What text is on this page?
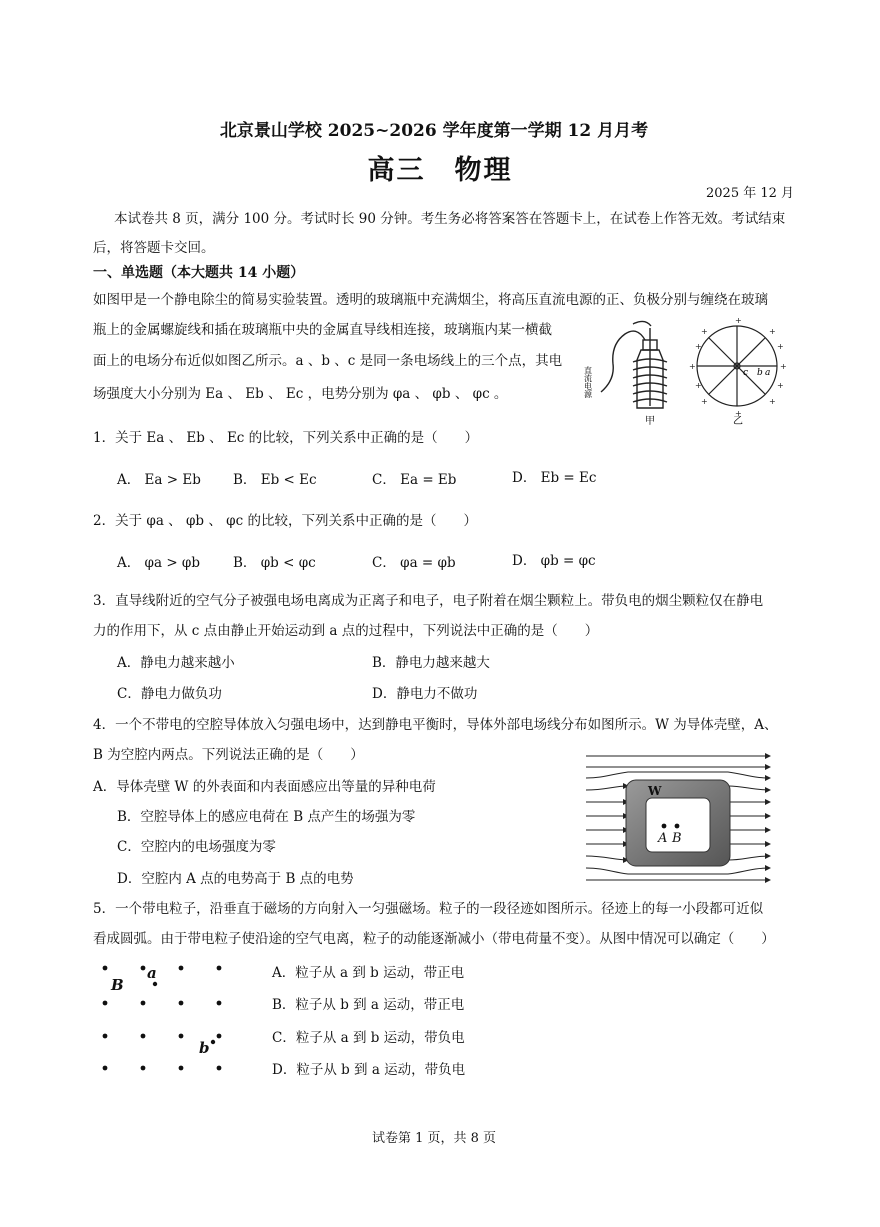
北京景山学校 2025~2026 学年度第一学期 12 月月考
高三　物理
2025 年 12 月
本试卷共 8 页，满分 100 分。考试时长 90 分钟。考生务必将答案答在答题卡上，在试卷上作答无效。考试结束
后，将答题卡交回。
一、单选题（本大题共 14 小题）
如图甲是一个静电除尘的简易实验装置。透明的玻璃瓶中充满烟尘，将高压直流电源的正、负极分别与缠绕在玻璃
瓶上的金属螺旋线和插在玻璃瓶中央的金属直导线相连接，玻璃瓶内某一横截
面上的电场分布近似如图乙所示。a 、b 、c 是同一条电场线上的三个点，其电
场强度大小分别为 Ea 、 Eb 、 Ec ，电势分别为 φa 、 φb 、 φc 。	直流电源
甲
+
+
+	+
+	+
+	+
+	+
+	+
c b a
乙
1．关于 Ea 、 Eb 、 Ec 的比较，下列关系中正确的是（　　）
A． Ea > Eb B． Eb < Ec	C． Ea = Eb	D． Eb = Ec
2．关于 φa 、 φb 、 φc 的比较，下列关系中正确的是（　　）
A． φa > φb B． φb < φc	C． φa = φb	D． φb = φc
3．直导线附近的空气分子被强电场电离成为正离子和电子，电子附着在烟尘颗粒上。带负电的烟尘颗粒仅在静电
力的作用下，从 c 点由静止开始运动到 a 点的过程中，下列说法中正确的是（　　）
A．静电力越来越小	B．静电力越来越大
C．静电力做负功	D．静电力不做功
4．一个不带电的空腔导体放入匀强电场中，达到静电平衡时，导体外部电场线分布如图所示。W 为导体壳壁，A、
B 为空腔内两点。下列说法正确的是（　　）
A．导体壳壁 W 的外表面和内表面感应出等量的异种电荷
B．空腔导体上的感应电荷在 B 点产生的场强为零
C．空腔内的电场强度为零
D．空腔内 A 点的电势高于 B 点的电势
W
A B
5．一个带电粒子，沿垂直于磁场的方向射入一匀强磁场。粒子的一段径迹如图所示。径迹上的每一小段都可近似
看成圆弧。由于带电粒子使沿途的空气电离，粒子的动能逐渐减小（带电荷量不变）。从图中情况可以确定（　　）
B
a
b
A．粒子从 a 到 b 运动，带正电
B．粒子从 b 到 a 运动，带正电
C．粒子从 a 到 b 运动，带负电
D．粒子从 b 到 a 运动，带负电
试卷第 1 页，共 8 页
